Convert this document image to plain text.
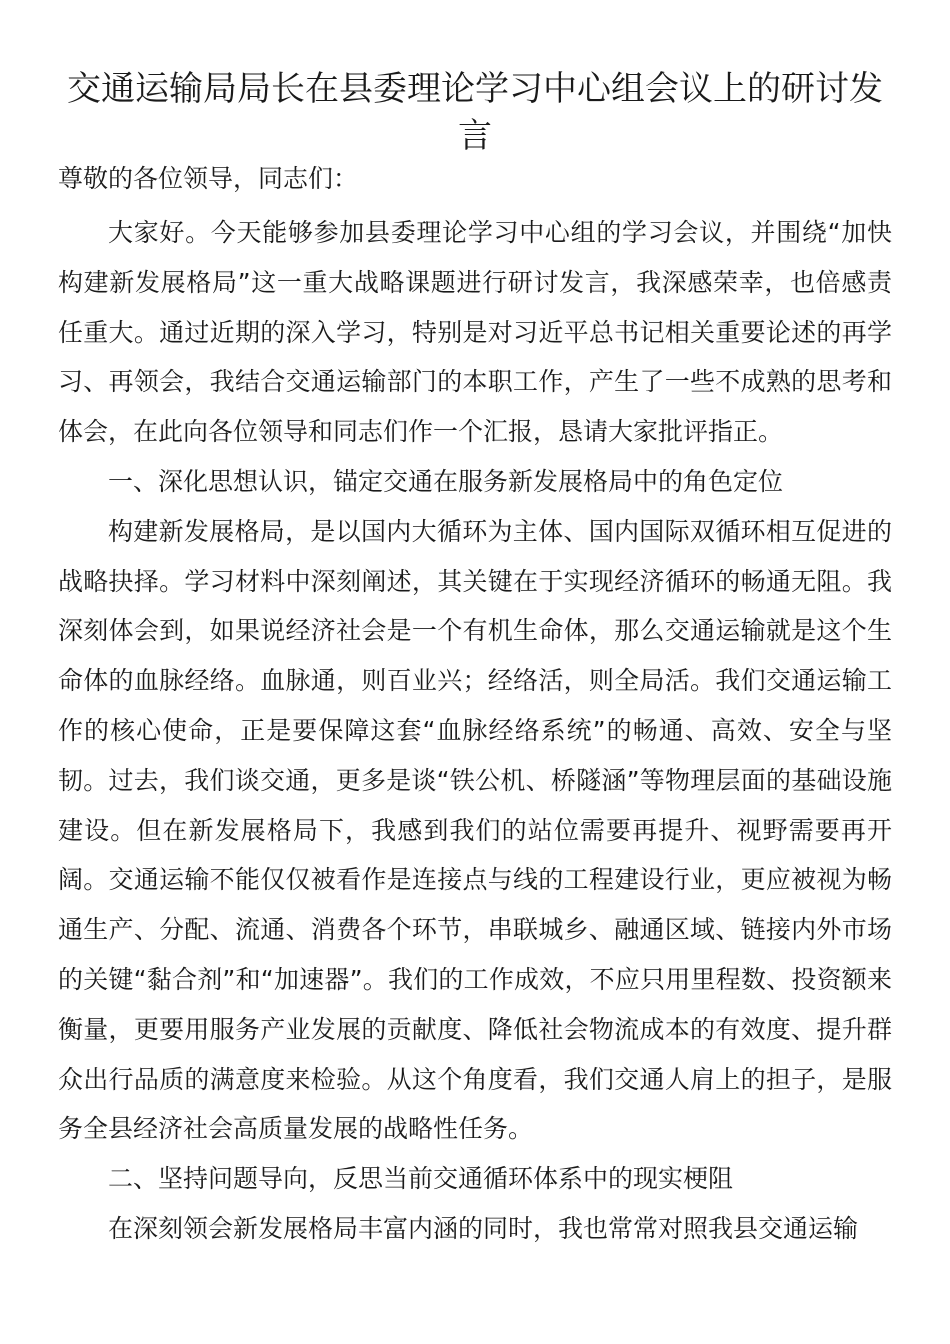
交通运输局局长在县委理论学习中心组会议上的研讨发言

尊敬的各位领导，同志们：

大家好。今天能够参加县委理论学习中心组的学习会议，并围绕“加快构建新发展格局”这一重大战略课题进行研讨发言，我深感荣幸，也倍感责任重大。通过近期的深入学习，特别是对习近平总书记相关重要论述的再学习、再领会，我结合交通运输部门的本职工作，产生了一些不成熟的思考和体会，在此向各位领导和同志们作一个汇报，恳请大家批评指正。

一、深化思想认识，锚定交通在服务新发展格局中的角色定位

构建新发展格局，是以国内大循环为主体、国内国际双循环相互促进的战略抉择。学习材料中深刻阐述，其关键在于实现经济循环的畅通无阻。我深刻体会到，如果说经济社会是一个有机生命体，那么交通运输就是这个生命体的血脉经络。血脉通，则百业兴；经络活，则全局活。我们交通运输工作的核心使命，正是要保障这套“血脉经络系统”的畅通、高效、安全与坚韧。过去，我们谈交通，更多是谈“铁公机、桥隧涵”等物理层面的基础设施建设。但在新发展格局下，我感到我们的站位需要再提升、视野需要再开阔。交通运输不能仅仅被看作是连接点与线的工程建设行业，更应被视为畅通生产、分配、流通、消费各个环节，串联城乡、融通区域、链接内外市场的关键“黏合剂”和“加速器”。我们的工作成效，不应只用里程数、投资额来衡量，更要用服务产业发展的贡献度、降低社会物流成本的有效度、提升群众出行品质的满意度来检验。从这个角度看，我们交通人肩上的担子，是服务全县经济社会高质量发展的战略性任务。

二、坚持问题导向，反思当前交通循环体系中的现实梗阻

在深刻领会新发展格局丰富内涵的同时，我也常常对照我县交通运输
